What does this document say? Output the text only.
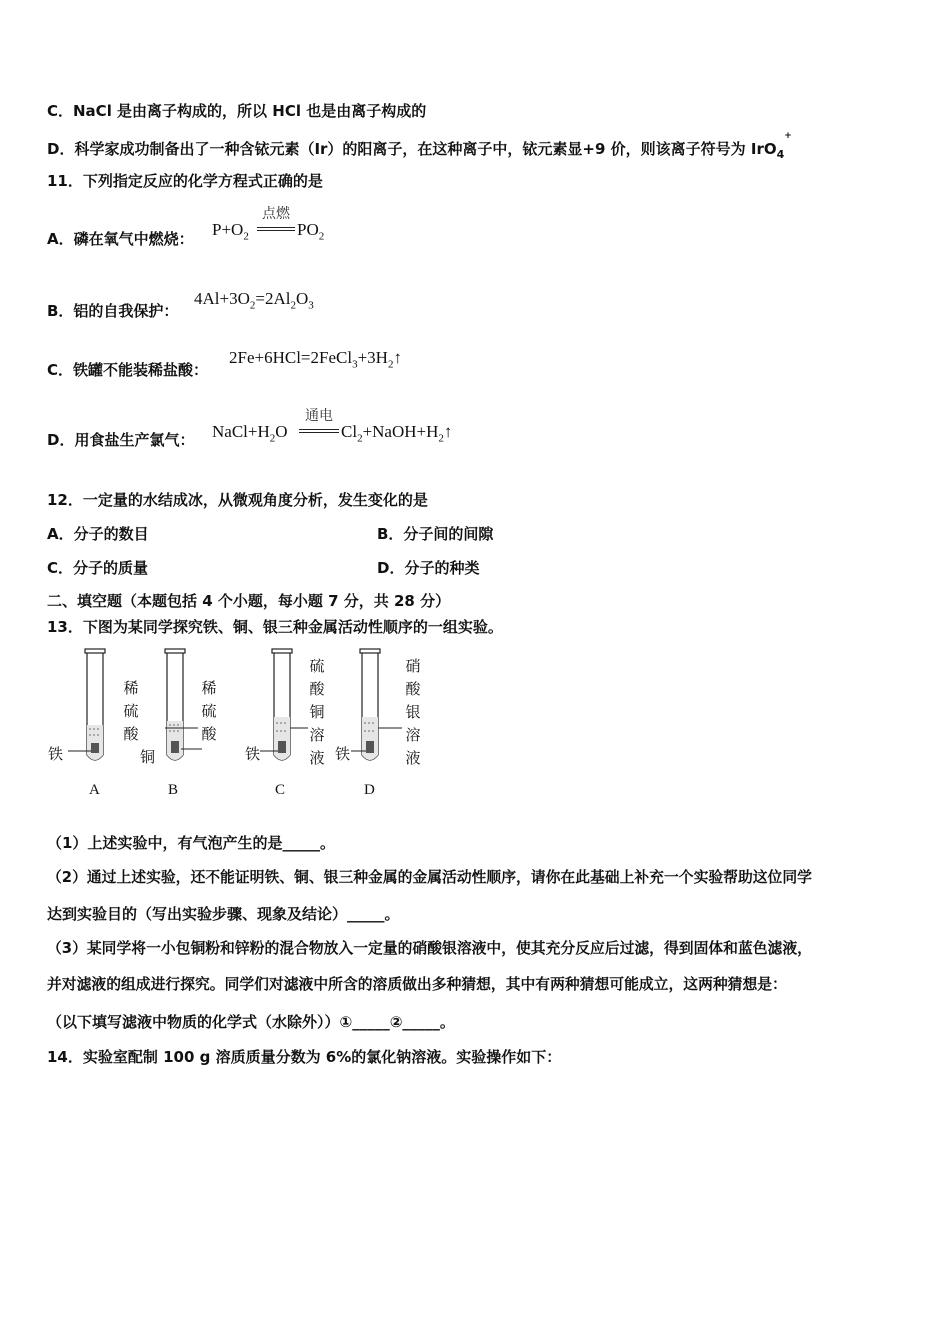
C．NaCl 是由离子构成的，所以 HCl 也是由离子构成的
D．科学家成功制备出了一种含铱元素（Ir）的阳离子，在这种离子中，铱元素显+9 价，则该离子符号为 IrO$_4$+
11．下列指定反应的化学方程式正确的是
A．磷在氧气中燃烧： $P+O_2$
点燃
$PO_2$
B．铝的自我保护：
$4Al+3O_2=2Al_2O_3$
C．铁罐不能装稀盐酸：
$2Fe+6HCl=2FeCl_3+3H_2↑$
D．用食盐生产氯气： $NaCl+H_2O$
通电
$Cl_2+NaOH+H_2↑$
12．一定量的水结成冰，从微观角度分析，发生变化的是
A．分子的数目	B．分子间的间隙
C．分子的质量	D．分子的种类
二、填空题（本题包括 4 个小题，每小题 7 分，共 28 分）
13．下图为某同学探究铁、铜、银三种金属活动性顺序的一组实验。
铁
稀
硫
酸
A
铜
稀
硫
酸
B
铁
硫
酸
铜
溶
液
C
铁
硝
酸
银
溶
液
D
（1）上述实验中，有气泡产生的是_____。
（2）通过上述实验，还不能证明铁、铜、银三种金属的金属活动性顺序，请你在此基础上补充一个实验帮助这位同学
达到实验目的（写出实验步骤、现象及结论）_____。
（3）某同学将一小包铜粉和锌粉的混合物放入一定量的硝酸银溶液中，使其充分反应后过滤，得到固体和蓝色滤液，
并对滤液的组成进行探究。同学们对滤液中所含的溶质做出多种猜想，其中有两种猜想可能成立，这两种猜想是：
（以下填写滤液中物质的化学式（水除外））①_____②_____。
14．实验室配制 100 g 溶质质量分数为 6%的氯化钠溶液。实验操作如下：
